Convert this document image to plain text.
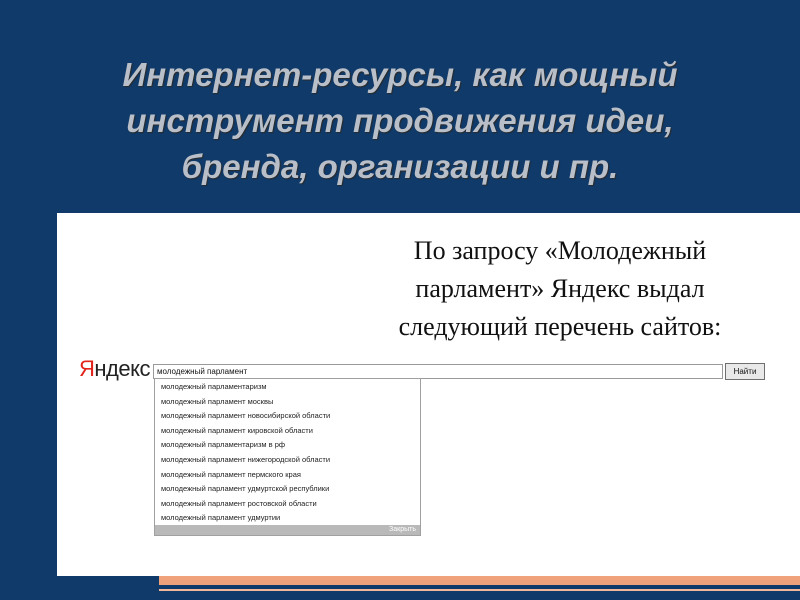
Интернет-ресурсы, как мощный
инструмент продвижения идеи,
бренда, организации и пр.
По запросу «Молодежный
парламент» Яндекс выдал
следующий перечень сайтов:
Яндекс молодежный парламент	Найти
молодежный парламентаризм
молодежный парламент москвы
молодежный парламент новосибирской области
молодежный парламент кировской области
молодежный парламентаризм в рф
молодежный парламент нижегородской области
молодежный парламент пермского края
молодежный парламент удмуртской республики
молодежный парламент ростовской области
молодежный парламент удмуртии
Закрыть
